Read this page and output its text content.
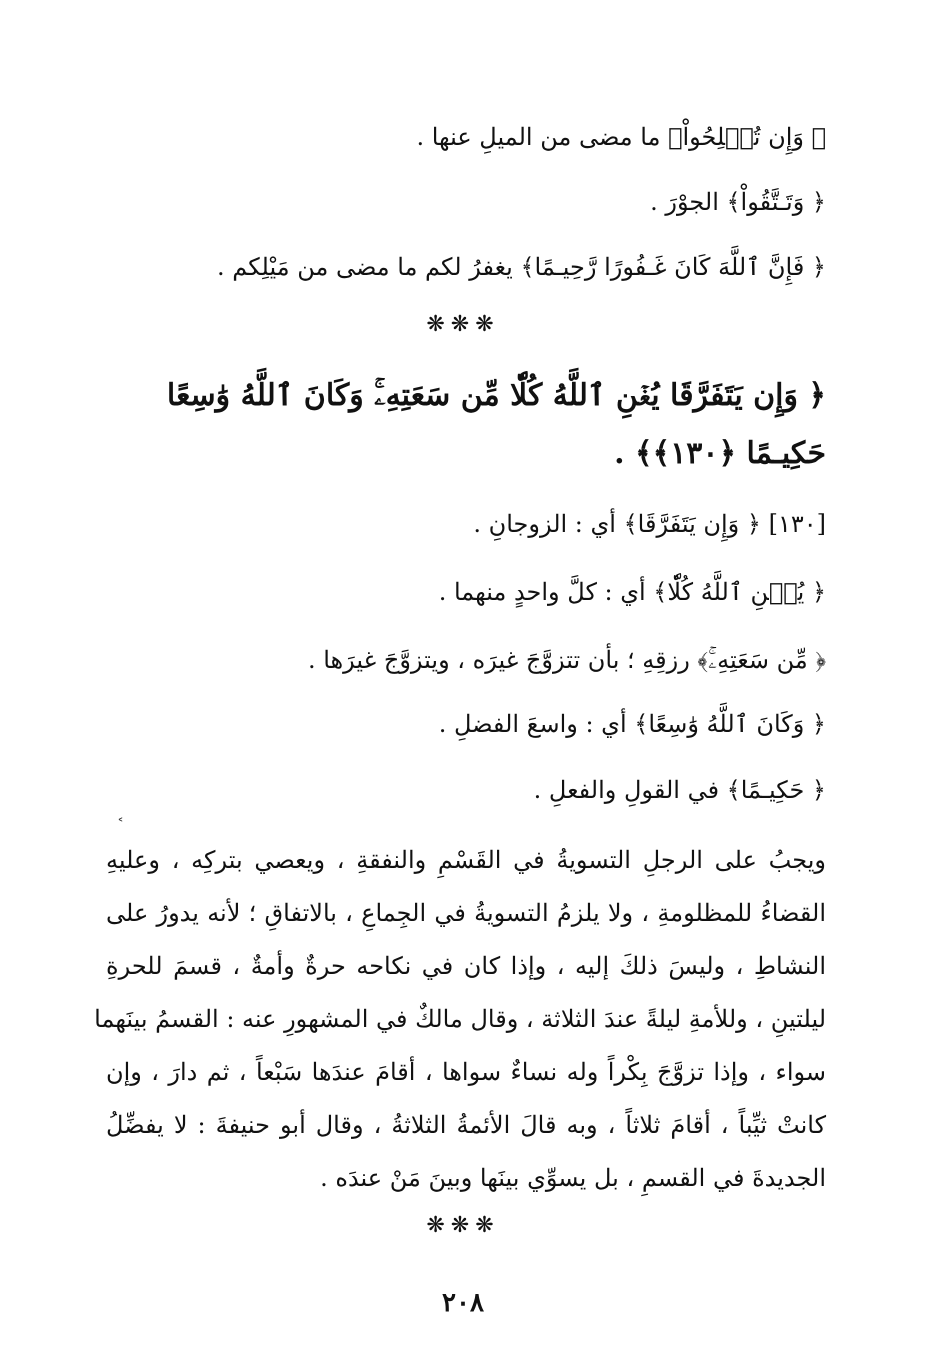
﴿ وَإِن تُصۡلِحُواْ﴾ ما مضى من الميلِ عنها .
﴿ وَتَـتَّقُواْ﴾ الجوْرَ .
﴿ فَإِنَّ ٱللَّهَ كَانَ غَـفُورًا رَّحِيـمًا﴾ يغفرُ لكم ما مضى من مَيْلِكم .
❋❋❋
﴿ وَإِن يَتَفَرَّقَا يُغۡنِ ٱللَّهُ كُلّٗا مِّن سَعَتِهِۦۚ وَكَانَ ٱللَّهُ وَٰسِعًا
حَكِيـمًا ﴿١٣٠﴾﴾ .
[١٣٠] ﴿ وَإِن يَتَفَرَّقَا﴾ أي : الزوجانِ .
﴿ يُغۡنِ ٱللَّهُ كُلّٗا﴾ أي : كلَّ واحدٍ منهما .
﴿ مِّن سَعَتِهِۦۚ﴾ رزقِهِ ؛ بأن تتزوَّجَ غيرَه ، ويتزوَّجَ غيرَها .
﴿ وَكَانَ ٱللَّهُ وَٰسِعًا﴾ أي : واسعَ الفضلِ .
﴿ حَكِيـمًا﴾ في القولِ والفعلِ .
˂
ويجبُ على الرجلِ التسويةُ في القَسْمِ والنفقةِ ، ويعصي بتركِه ، وعليهِ
القضاءُ للمظلومةِ ، ولا يلزمُ التسويةُ في الجِماعِ ، بالاتفاقِ ؛ لأنه يدورُ على
النشاطِ ، وليسَ ذلكَ إليه ، وإذا كان في نكاحه حرةٌ وأمةٌ ، قسمَ للحرةِ
ليلتينِ ، وللأمةِ ليلةً عندَ الثلاثة ، وقال مالكٌ في المشهورِ عنه : القسمُ بينَهما
سواء ، وإذا تزوَّجَ بِكْراً وله نساءٌ سواها ، أقامَ عندَها سَبْعاً ، ثم دارَ ، وإن
كانتْ ثيِّباً ، أقامَ ثلاثاً ، وبه قالَ الأئمةُ الثلاثةُ ، وقال أبو حنيفةَ : لا يفضِّلُ
الجديدةَ في القسمِ ، بل يسوِّي بينَها وبينَ مَنْ عندَه .
❋❋❋
٢٠٨
